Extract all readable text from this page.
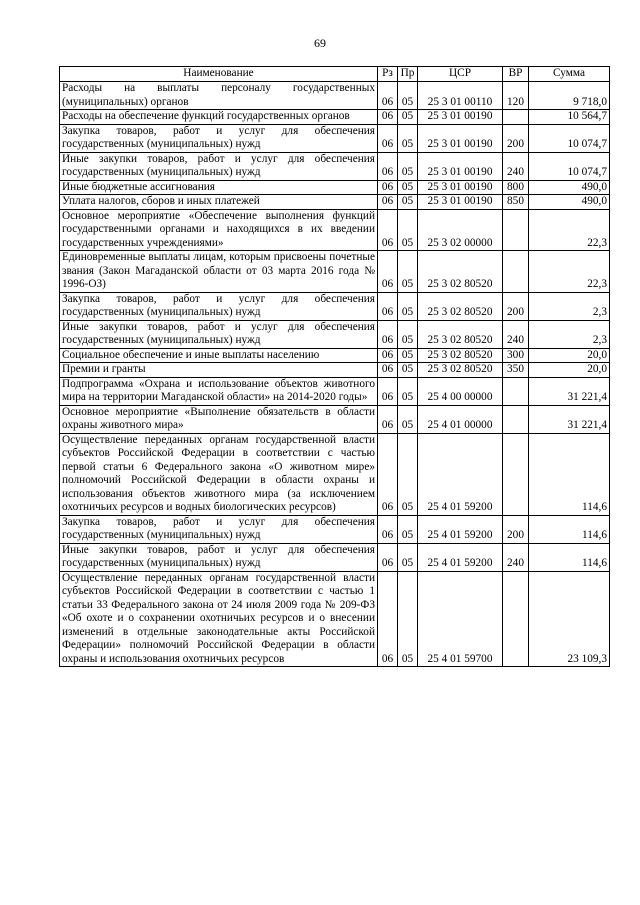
69
Наименование	Рз	Пр	ЦСР	ВР	Сумма
Расходы на выплаты персоналу государственных (муниципальных) органов	06	05	25 3 01 00110	120	9 718,0
Расходы на обеспечение функций государственных органов	06	05	25 3 01 00190		10 564,7
Закупка товаров, работ и услуг для обеспечения государственных (муниципальных) нужд	06	05	25 3 01 00190	200	10 074,7
Иные закупки товаров, работ и услуг для обеспечения государственных (муниципальных) нужд	06	05	25 3 01 00190	240	10 074,7
Иные бюджетные ассигнования	06	05	25 3 01 00190	800	490,0
Уплата налогов, сборов и иных платежей	06	05	25 3 01 00190	850	490,0
Основное мероприятие «Обеспечение выполнения функций государственными органами и находящихся в их введении государственных учреждениями»	06	05	25 3 02 00000		22,3
Единовременные выплаты лицам, которым присвоены почетные звания (Закон Магаданской области от 03 марта 2016 года № 1996-ОЗ)	06	05	25 3 02 80520		22,3
Закупка товаров, работ и услуг для обеспечения государственных (муниципальных) нужд	06	05	25 3 02 80520	200	2,3
Иные закупки товаров, работ и услуг для обеспечения государственных (муниципальных) нужд	06	05	25 3 02 80520	240	2,3
Социальное обеспечение и иные выплаты населению	06	05	25 3 02 80520	300	20,0
Премии и гранты	06	05	25 3 02 80520	350	20,0
Подпрограмма «Охрана и использование объектов животного мира на территории Магаданской области» на 2014-2020 годы»	06	05	25 4 00 00000		31 221,4
Основное мероприятие «Выполнение обязательств в области охраны животного мира»	06	05	25 4 01 00000		31 221,4
Осуществление переданных органам государственной власти субъектов Российской Федерации в соответствии с частью первой статьи 6 Федерального закона «О животном мире» полномочий Российской Федерации в области охраны и использования объектов животного мира (за исключением охотничьих ресурсов и водных биологических ресурсов)	06	05	25 4 01 59200		114,6
Закупка товаров, работ и услуг для обеспечения государственных (муниципальных) нужд	06	05	25 4 01 59200	200	114,6
Иные закупки товаров, работ и услуг для обеспечения государственных (муниципальных) нужд	06	05	25 4 01 59200	240	114,6
Осуществление переданных органам государственной власти субъектов Российской Федерации в соответствии с частью 1 статьи 33 Федерального закона от 24 июля 2009 года № 209-ФЗ «Об охоте и о сохранении охотничьих ресурсов и о внесении изменений в отдельные законодательные акты Российской Федерации» полномочий Российской Федерации в области охраны и использования охотничьих ресурсов	06	05	25 4 01 59700		23 109,3
